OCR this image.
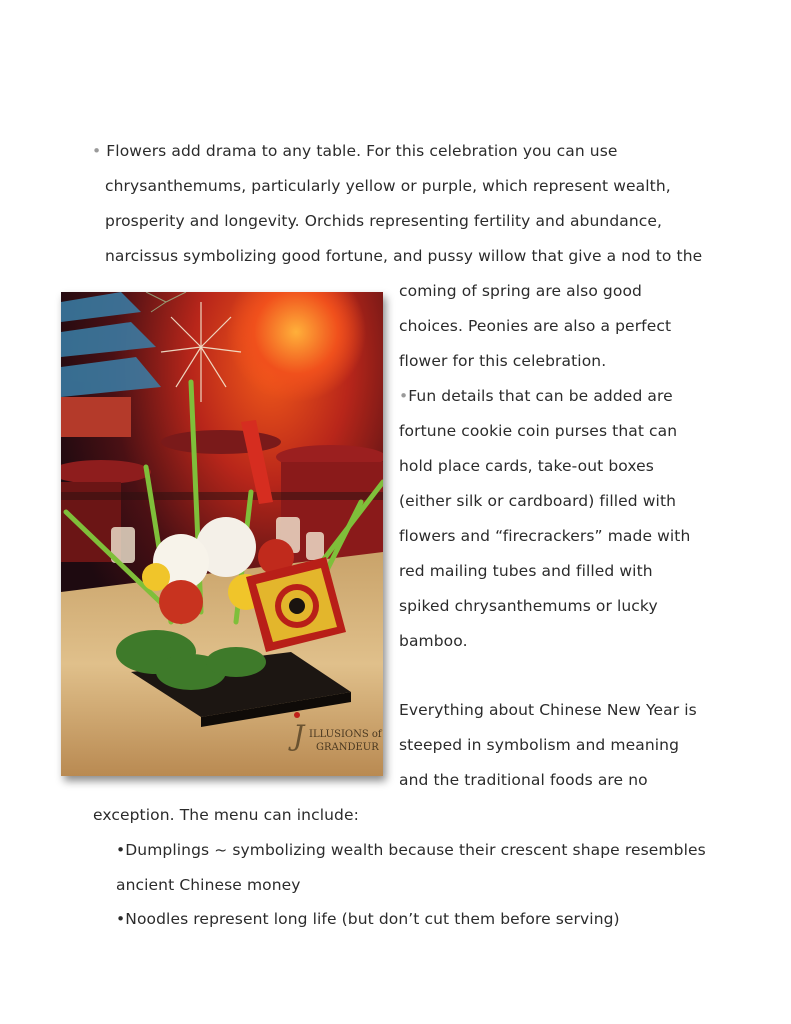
• Flowers add drama to any table. For this celebration you can use
chrysanthemums, particularly yellow or purple, which represent wealth,
prosperity and longevity. Orchids representing fertility and abundance,
narcissus symbolizing good fortune, and pussy willow that give a nod to the
coming of spring are also good
choices. Peonies are also a perfect
flower for this celebration.
•Fun details that can be added are
fortune cookie coin purses that can
hold place cards, take-out boxes
(either silk or cardboard) filled with
flowers and “firecrackers” made with
red mailing tubes and filled with
spiked chrysanthemums or lucky
bamboo.
Everything about Chinese New Year is
steeped in symbolism and meaning
and the traditional foods are no
exception. The menu can include:
•Dumplings ~ symbolizing wealth because their crescent shape resembles
ancient Chinese money
•Noodles represent long life (but don’t cut them before serving)
J ILLUSIONS of
GRANDEUR
